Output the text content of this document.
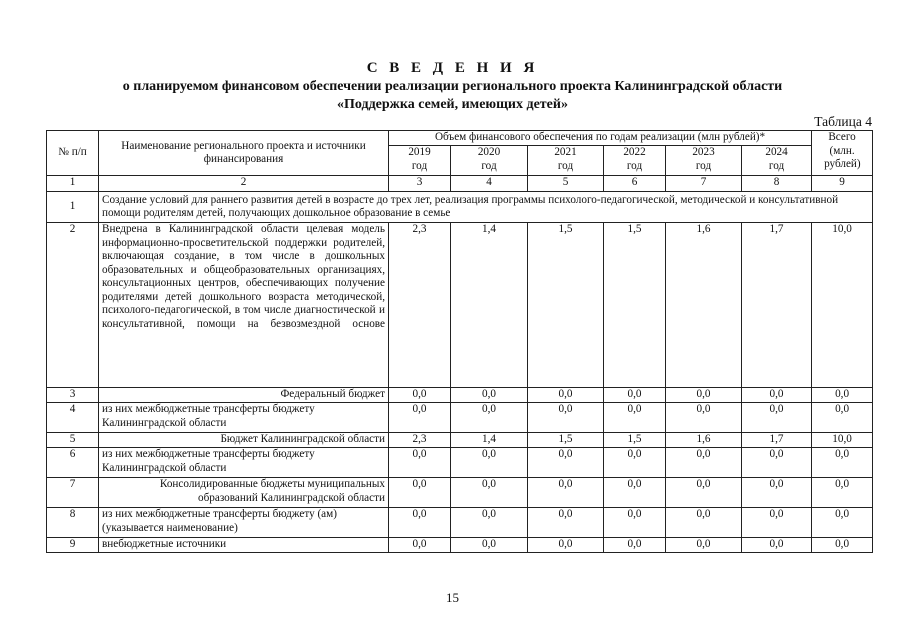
С В Е Д Е Н И Я
о планируемом финансовом обеспечении реализации регионального проекта Калининградской области
«Поддержка семей, имеющих детей»
Таблица 4
№ п/п	Наименование регионального проекта и источники финансирования	Объем финансового обеспечения по годам реализации (млн рублей)*						Всего (млн. рублей)
		2019 год	2020 год	2021 год	2022 год	2023 год	2024 год	
1	2	3	4	5	6	7	8	9
1	Создание условий для раннего развития детей в возрасте до трех лет, реализация программы психолого-педагогической, методической и консультативной помощи родителям детей, получающих дошкольное образование в семье							
2	Внедрена в Калининградской области целевая модель информационно-просветительской поддержки родителей, включающая создание, в том числе в дошкольных образовательных и общеобразовательных организациях, консультационных центров, обеспечивающих получение родителями детей дошкольного возраста методической, психолого-педагогической, в том числе диагностической и консультативной, помощи на безвозмездной основе	2,3	1,4	1,5	1,5	1,6	1,7	10,0
3	Федеральный бюджет	0,0	0,0	0,0	0,0	0,0	0,0	0,0
4	из них межбюджетные трансферты бюджету Калининградской области	0,0	0,0	0,0	0,0	0,0	0,0	0,0
5	Бюджет Калининградской области	2,3	1,4	1,5	1,5	1,6	1,7	10,0
6	из них межбюджетные трансферты бюджету Калининградской области	0,0	0,0	0,0	0,0	0,0	0,0	0,0
7	Консолидированные бюджеты муниципальных образований Калининградской области	0,0	0,0	0,0	0,0	0,0	0,0	0,0
8	из них межбюджетные трансферты бюджету (ам) (указывается наименование)	0,0	0,0	0,0	0,0	0,0	0,0	0,0
9	внебюджетные источники	0,0	0,0	0,0	0,0	0,0	0,0	0,0
15
